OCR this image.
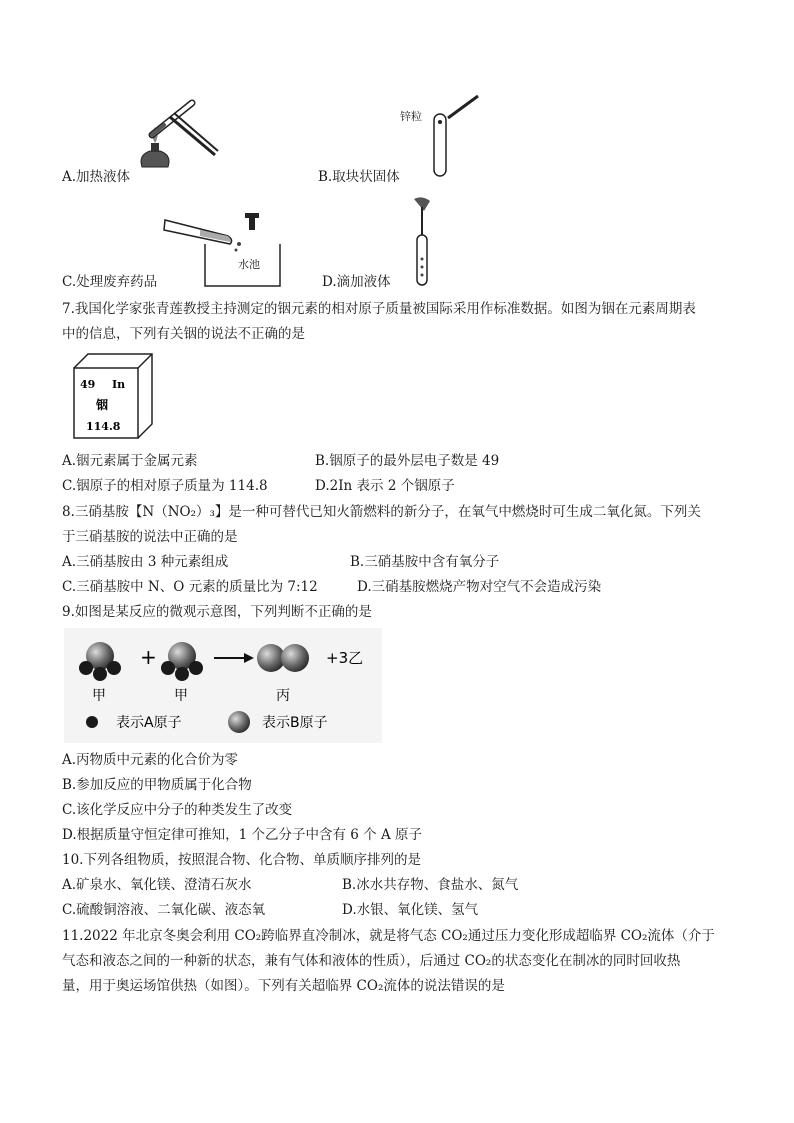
A.加热液体
锌粒
B.取块状固体
水池
C.处理废弃药品	D.滴加液体
7.我国化学家张青莲教授主持测定的铟元素的相对原子质量被国际采用作标准数据。如图为铟在元素周期表
中的信息，下列有关铟的说法不正确的是
49 In
铟
114.8
A.铟元素属于金属元素	B.铟原子的最外层电子数是 49
C.铟原子的相对原子质量为 114.8	D.2In 表示 2 个铟原子
8.三硝基胺【N（NO₂）₃】是一种可替代已知火箭燃料的新分子，在氧气中燃烧时可生成二氧化氮。下列关
于三硝基胺的说法中正确的是
A.三硝基胺由 3 种元素组成	B.三硝基胺中含有氧分子
C.三硝基胺中 N、O 元素的质量比为 7:12	D.三硝基胺燃烧产物对空气不会造成污染
9.如图是某反应的微观示意图，下列判断不正确的是
+	+3乙
甲	甲	丙
表示A原子	表示B原子
A.丙物质中元素的化合价为零
B.参加反应的甲物质属于化合物
C.该化学反应中分子的种类发生了改变
D.根据质量守恒定律可推知，1 个乙分子中含有 6 个 A 原子
10.下列各组物质，按照混合物、化合物、单质顺序排列的是
A.矿泉水、氧化镁、澄清石灰水	B.冰水共存物、食盐水、氮气
C.硫酸铜溶液、二氧化碳、液态氧	D.水银、氧化镁、氢气
11.2022 年北京冬奥会利用 CO₂跨临界直冷制冰，就是将气态 CO₂通过压力变化形成超临界 CO₂流体（介于
气态和液态之间的一种新的状态，兼有气体和液体的性质），后通过 CO₂的状态变化在制冰的同时回收热
量，用于奥运场馆供热（如图）。下列有关超临界 CO₂流体的说法错误的是
